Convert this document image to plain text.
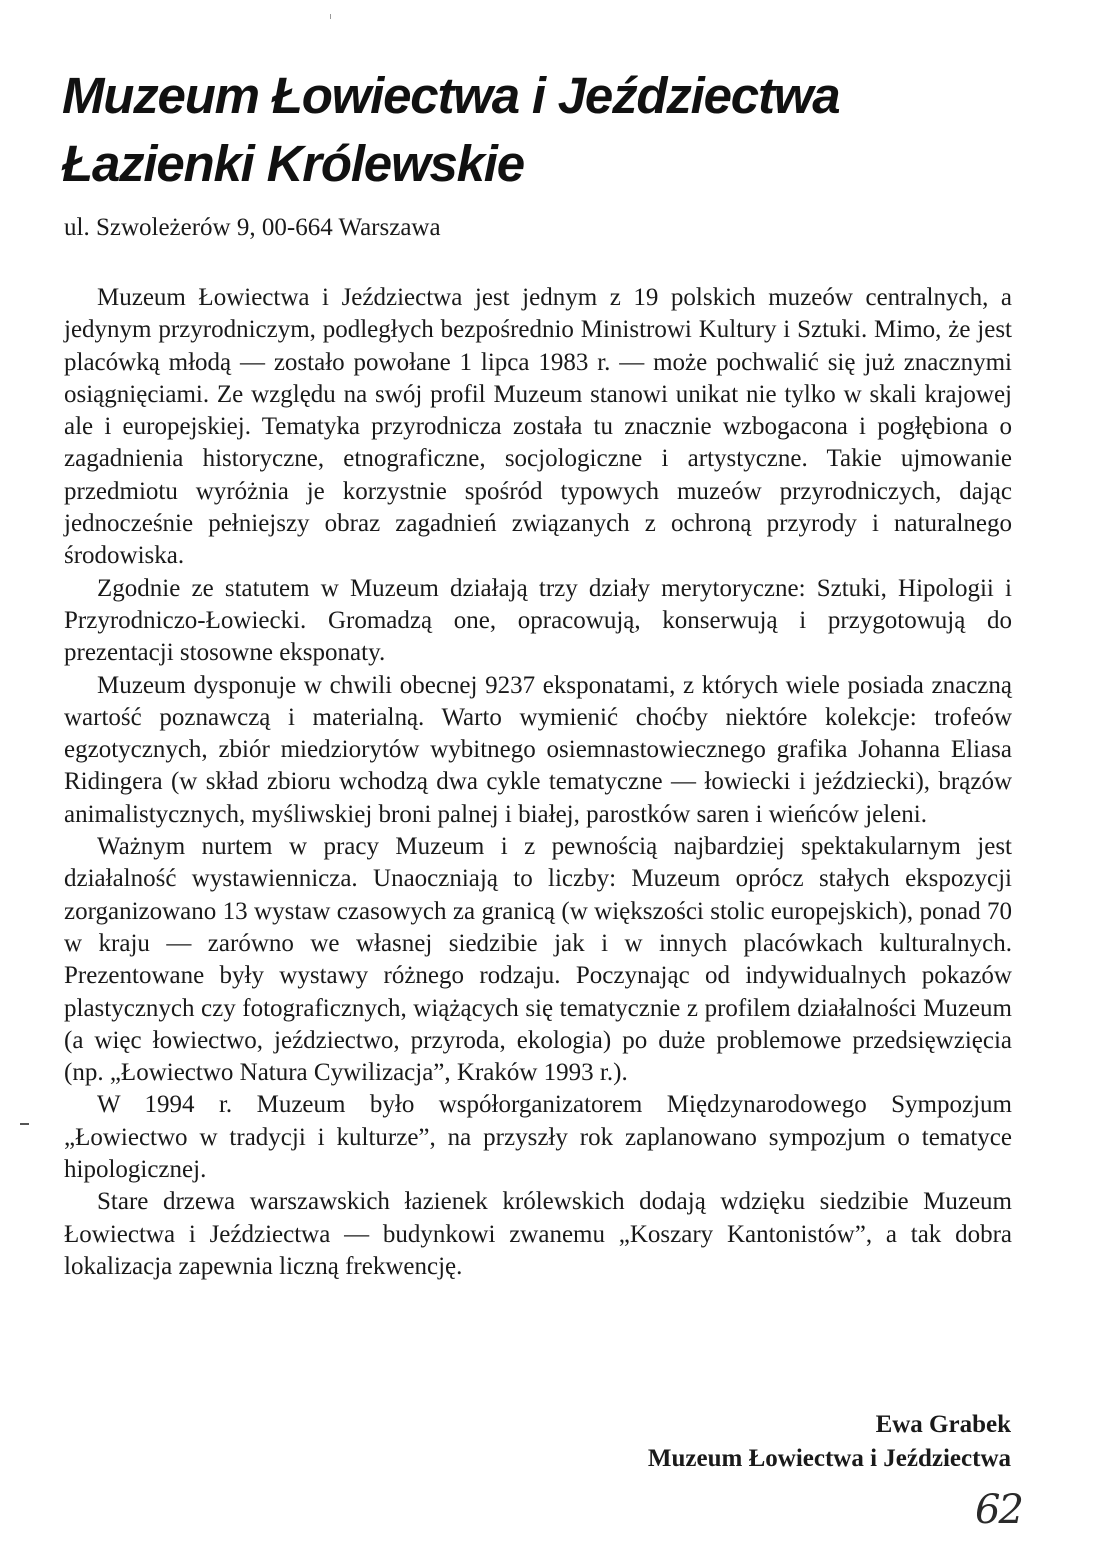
Muzeum Łowiectwa i Jeździectwa
Łazienki Królewskie
ul. Szwoleżerów 9, 00-664 Warszawa

Muzeum Łowiectwa i Jeździectwa jest jednym z 19 polskich muzeów centralnych, a jedynym przyrodniczym, podległych bezpośrednio Ministrowi Kultury i Sztuki. Mimo, że jest placówką młodą — zostało powołane 1 lipca 1983 r. — może pochwalić się już znacznymi osiągnięciami. Ze względu na swój profil Muzeum stanowi unikat nie tylko w skali krajowej ale i europejskiej. Tematyka przyrodnicza została tu znacznie wzbogacona i pogłębiona o zagadnienia historyczne, etnograficzne, socjologiczne i artystyczne. Takie ujmowanie przedmiotu wyróżnia je korzystnie spośród typowych muzeów przyrodniczych, dając jednocześnie pełniejszy obraz zagadnień związanych z ochroną przyrody i naturalnego środowiska.

Zgodnie ze statutem w Muzeum działają trzy działy merytoryczne: Sztuki, Hipologii i Przyrodniczo-Łowiecki. Gromadzą one, opracowują, konserwują i przygotowują do prezentacji stosowne eksponaty.

Muzeum dysponuje w chwili obecnej 9237 eksponatami, z których wiele posiada znaczną wartość poznawczą i materialną. Warto wymienić choćby niektóre kolekcje: trofeów egzotycznych, zbiór miedziorytów wybitnego osiemnastowiecznego grafika Johanna Eliasa Ridingera (w skład zbioru wchodzą dwa cykle tematyczne — łowiecki i jeździecki), brązów animalistycznych, myśliwskiej broni palnej i białej, parostków saren i wieńców jeleni.

Ważnym nurtem w pracy Muzeum i z pewnością najbardziej spektakularnym jest działalność wystawiennicza. Unaoczniają to liczby: Muzeum oprócz stałych ekspozycji zorganizowano 13 wystaw czasowych za granicą (w większości stolic europejskich), ponad 70 w kraju — zarówno we własnej siedzibie jak i w innych placówkach kulturalnych. Prezentowane były wystawy różnego rodzaju. Poczynając od indywidualnych pokazów plastycznych czy fotograficznych, wiążących się tematycznie z profilem działalności Muzeum (a więc łowiectwo, jeździectwo, przyroda, ekologia) po duże problemowe przedsięwzięcia (np. „Łowiectwo Natura Cywilizacja”, Kraków 1993 r.).

W 1994 r. Muzeum było współorganizatorem Międzynarodowego Sympozjum „Łowiectwo w tradycji i kulturze”, na przyszły rok zaplanowano sympozjum o tematyce hipologicznej.

Stare drzewa warszawskich łazienek królewskich dodają wdzięku siedzibie Muzeum Łowiectwa i Jeździectwa — budynkowi zwanemu „Koszary Kantonistów”, a tak dobra lokalizacja zapewnia liczną frekwencję.

Ewa Grabek
Muzeum Łowiectwa i Jeździectwa
62
